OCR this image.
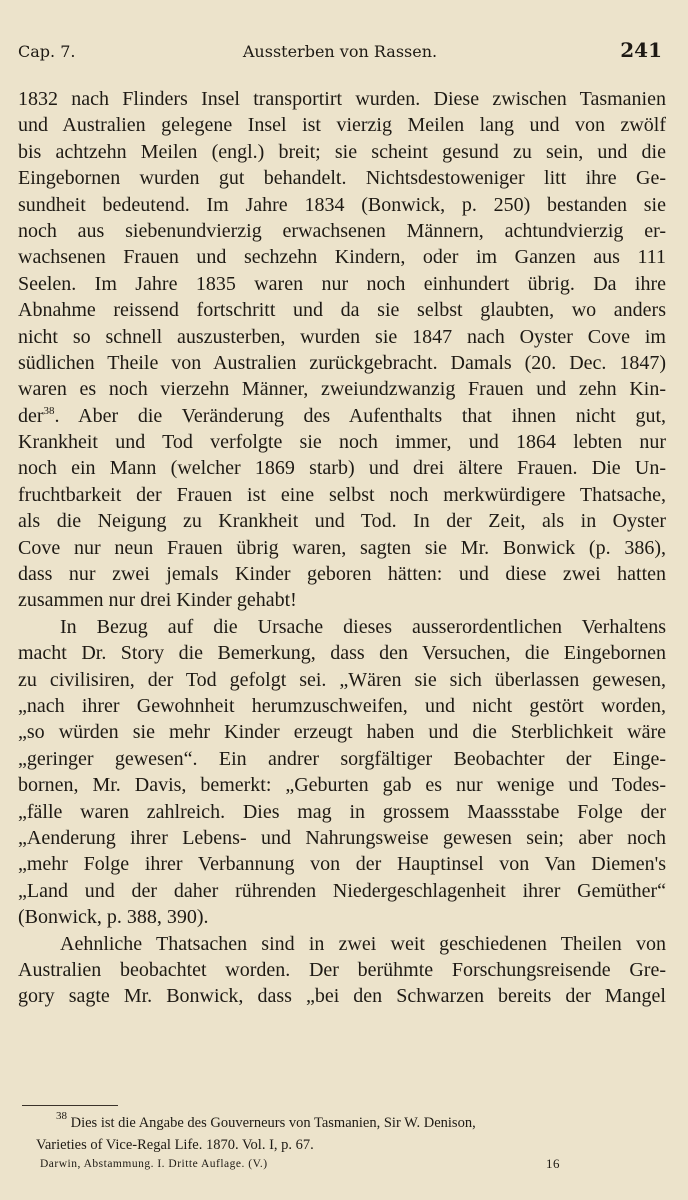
Cap. 7.	Aussterben von Rassen.	241
1832 nach Flinders Insel transportirt wurden. Diese zwischen Tasmanien
und Australien gelegene Insel ist vierzig Meilen lang und von zwölf
bis achtzehn Meilen (engl.) breit; sie scheint gesund zu sein, und die
Eingebornen wurden gut behandelt. Nichtsdestoweniger litt ihre Ge-
sundheit bedeutend. Im Jahre 1834 (Bonwick, p. 250) bestanden sie
noch aus siebenundvierzig erwachsenen Männern, achtundvierzig er-
wachsenen Frauen und sechzehn Kindern, oder im Ganzen aus 111
Seelen. Im Jahre 1835 waren nur noch einhundert übrig. Da ihre
Abnahme reissend fortschritt und da sie selbst glaubten, wo anders
nicht so schnell auszusterben, wurden sie 1847 nach Oyster Cove im
südlichen Theile von Australien zurückgebracht. Damals (20. Dec. 1847)
waren es noch vierzehn Männer, zweiundzwanzig Frauen und zehn Kin-
der$^{38}$. Aber die Veränderung des Aufenthalts that ihnen nicht gut,
Krankheit und Tod verfolgte sie noch immer, und 1864 lebten nur
noch ein Mann (welcher 1869 starb) und drei ältere Frauen. Die Un-
fruchtbarkeit der Frauen ist eine selbst noch merkwürdigere Thatsache,
als die Neigung zu Krankheit und Tod. In der Zeit, als in Oyster
Cove nur neun Frauen übrig waren, sagten sie Mr. Bonwick (p. 386),
dass nur zwei jemals Kinder geboren hätten: und diese zwei hatten
zusammen nur drei Kinder gehabt!
In Bezug auf die Ursache dieses ausserordentlichen Verhaltens
macht Dr. Story die Bemerkung, dass den Versuchen, die Eingebornen
zu civilisiren, der Tod gefolgt sei. „Wären sie sich überlassen gewesen,
„nach ihrer Gewohnheit herumzuschweifen, und nicht gestört worden,
„so würden sie mehr Kinder erzeugt haben und die Sterblichkeit wäre
„geringer gewesen“. Ein andrer sorgfältiger Beobachter der Einge-
bornen, Mr. Davis, bemerkt: „Geburten gab es nur wenige und Todes-
„fälle waren zahlreich. Dies mag in grossem Maassstabe Folge der
„Aenderung ihrer Lebens- und Nahrungsweise gewesen sein; aber noch
„mehr Folge ihrer Verbannung von der Hauptinsel von Van Diemen's
„Land und der daher rührenden Niedergeschlagenheit ihrer Gemüther“
(Bonwick, p. 388, 390).
Aehnliche Thatsachen sind in zwei weit geschiedenen Theilen von
Australien beobachtet worden. Der berühmte Forschungsreisende Gre-
gory sagte Mr. Bonwick, dass „bei den Schwarzen bereits der Mangel
$^{38}$ Dies ist die Angabe des Gouverneurs von Tasmanien, Sir W. Denison,
Varieties of Vice-Regal Life. 1870. Vol. I, p. 67.
Darwin, Abstammung. I. Dritte Auflage. (V.)	16
